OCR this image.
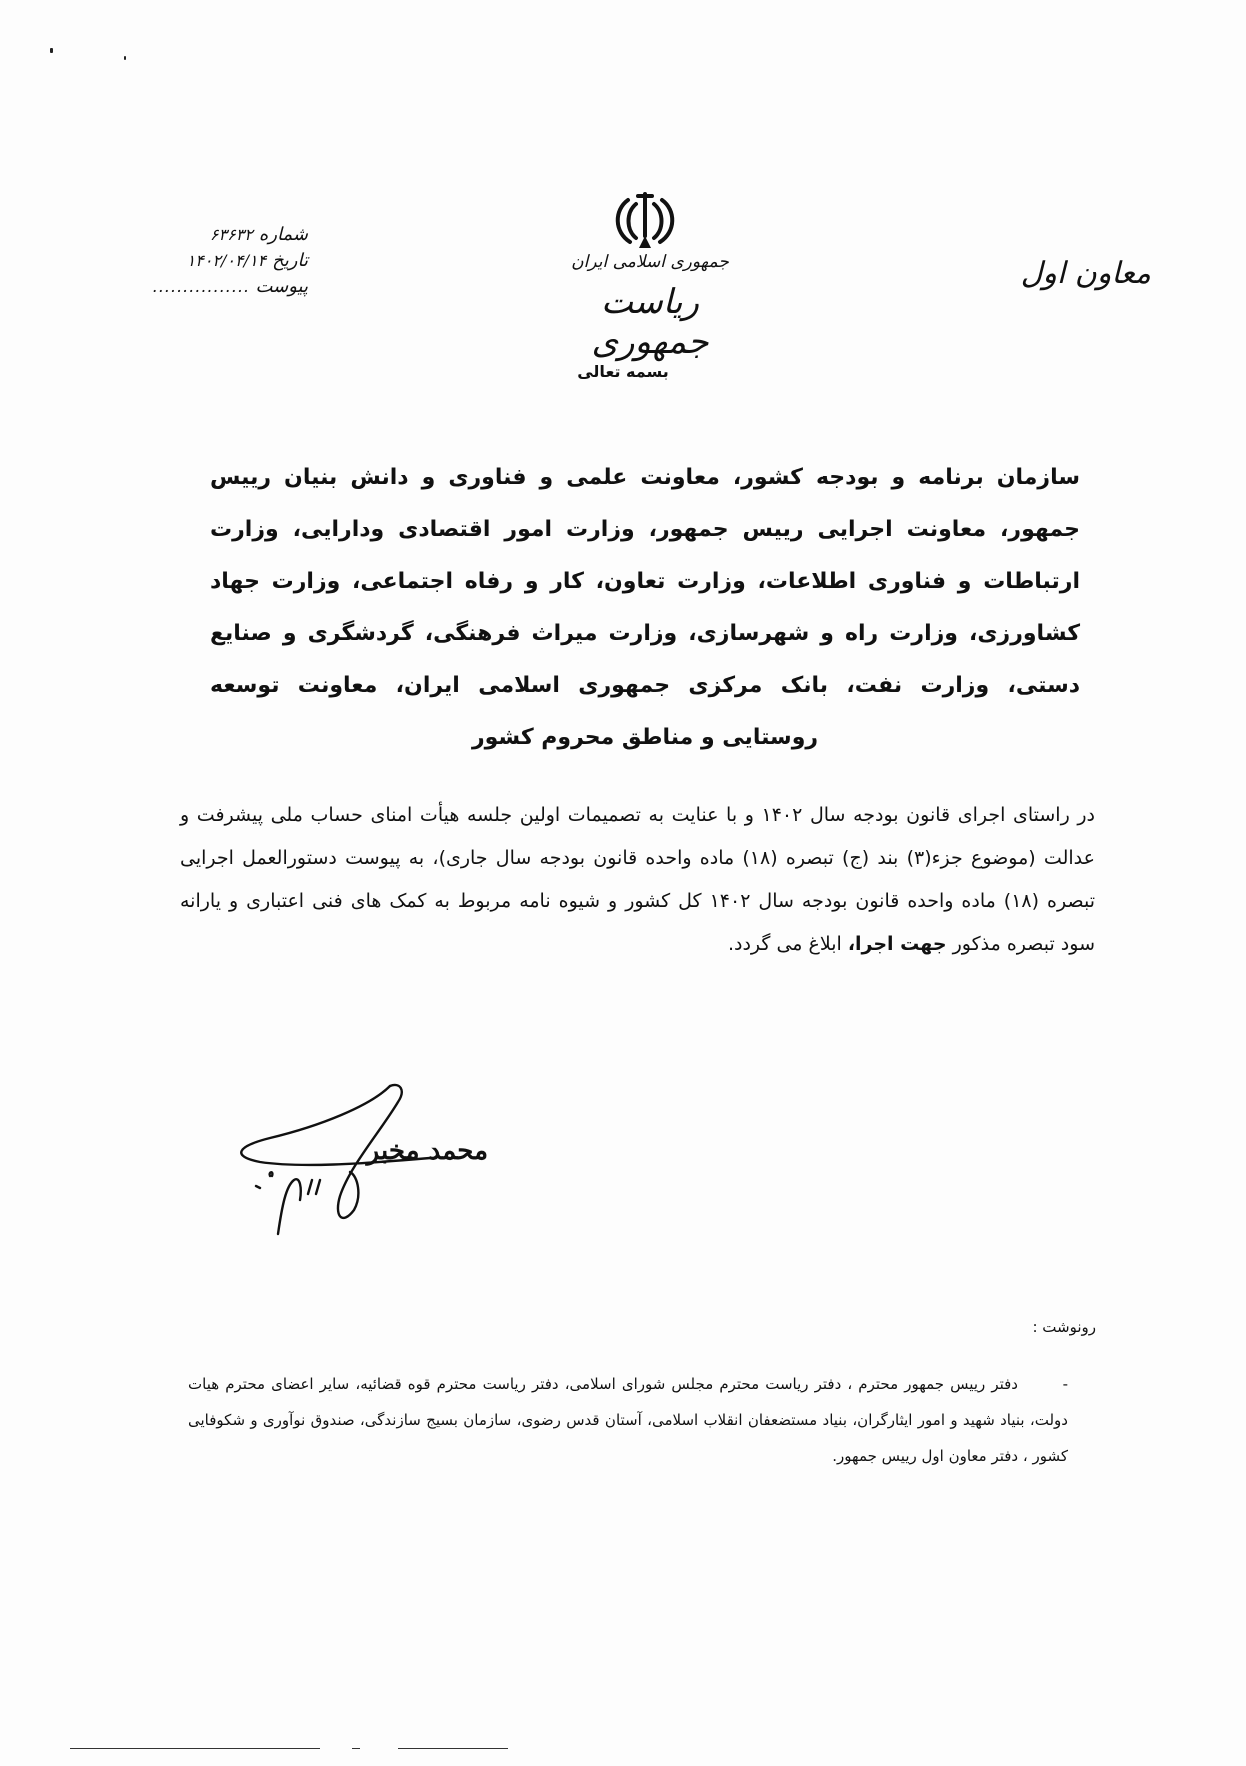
معاون اول
جمهوری اسلامی ایران
ریاست جمهوری
شماره
۶۳۶۳۲
تاریخ
۱۴۰۲/۰۴/۱۴
پیوست
................
بسمه تعالی
سازمان برنامه و بودجه کشور، معاونت علمی و فناوری و دانش بنیان رییس جمهور، معاونت اجرایی رییس جمهور، وزارت امور اقتصادی ودارایی، وزارت ارتباطات و فناوری اطلاعات، وزارت تعاون، کار و رفاه اجتماعی، وزارت جهاد کشاورزی، وزارت راه و شهرسازی، وزارت میراث فرهنگی، گردشگری و صنایع دستی، وزارت نفت، بانک مرکزی جمهوری اسلامی ایران، معاونت توسعه روستایی و مناطق محروم کشور
در راستای اجرای قانون بودجه سال ۱۴۰۲ و با عنایت به تصمیمات اولین جلسه هیأت امنای حساب ملی پیشرفت و عدالت (موضوع جزء(۳) بند (ج) تبصره (۱۸) ماده واحده قانون بودجه سال جاری)، به پیوست دستورالعمل اجرایی تبصره (۱۸) ماده واحده قانون بودجه سال ۱۴۰۲ کل کشور و شیوه نامه مربوط به کمک های فنی اعتباری و یارانه سود تبصره مذکور جهت اجرا، ابلاغ می گردد.
محمد مخبر
رونوشت :
-دفتر رییس جمهور محترم ، دفتر ریاست محترم مجلس شورای اسلامی، دفتر ریاست محترم قوه قضائیه، سایر اعضای محترم هیات دولت، بنیاد شهید و امور ایثارگران، بنیاد مستضعفان انقلاب اسلامی، آستان قدس رضوی، سازمان بسیج سازندگی، صندوق نوآوری و شکوفایی کشور ، دفتر معاون اول رییس جمهور.
